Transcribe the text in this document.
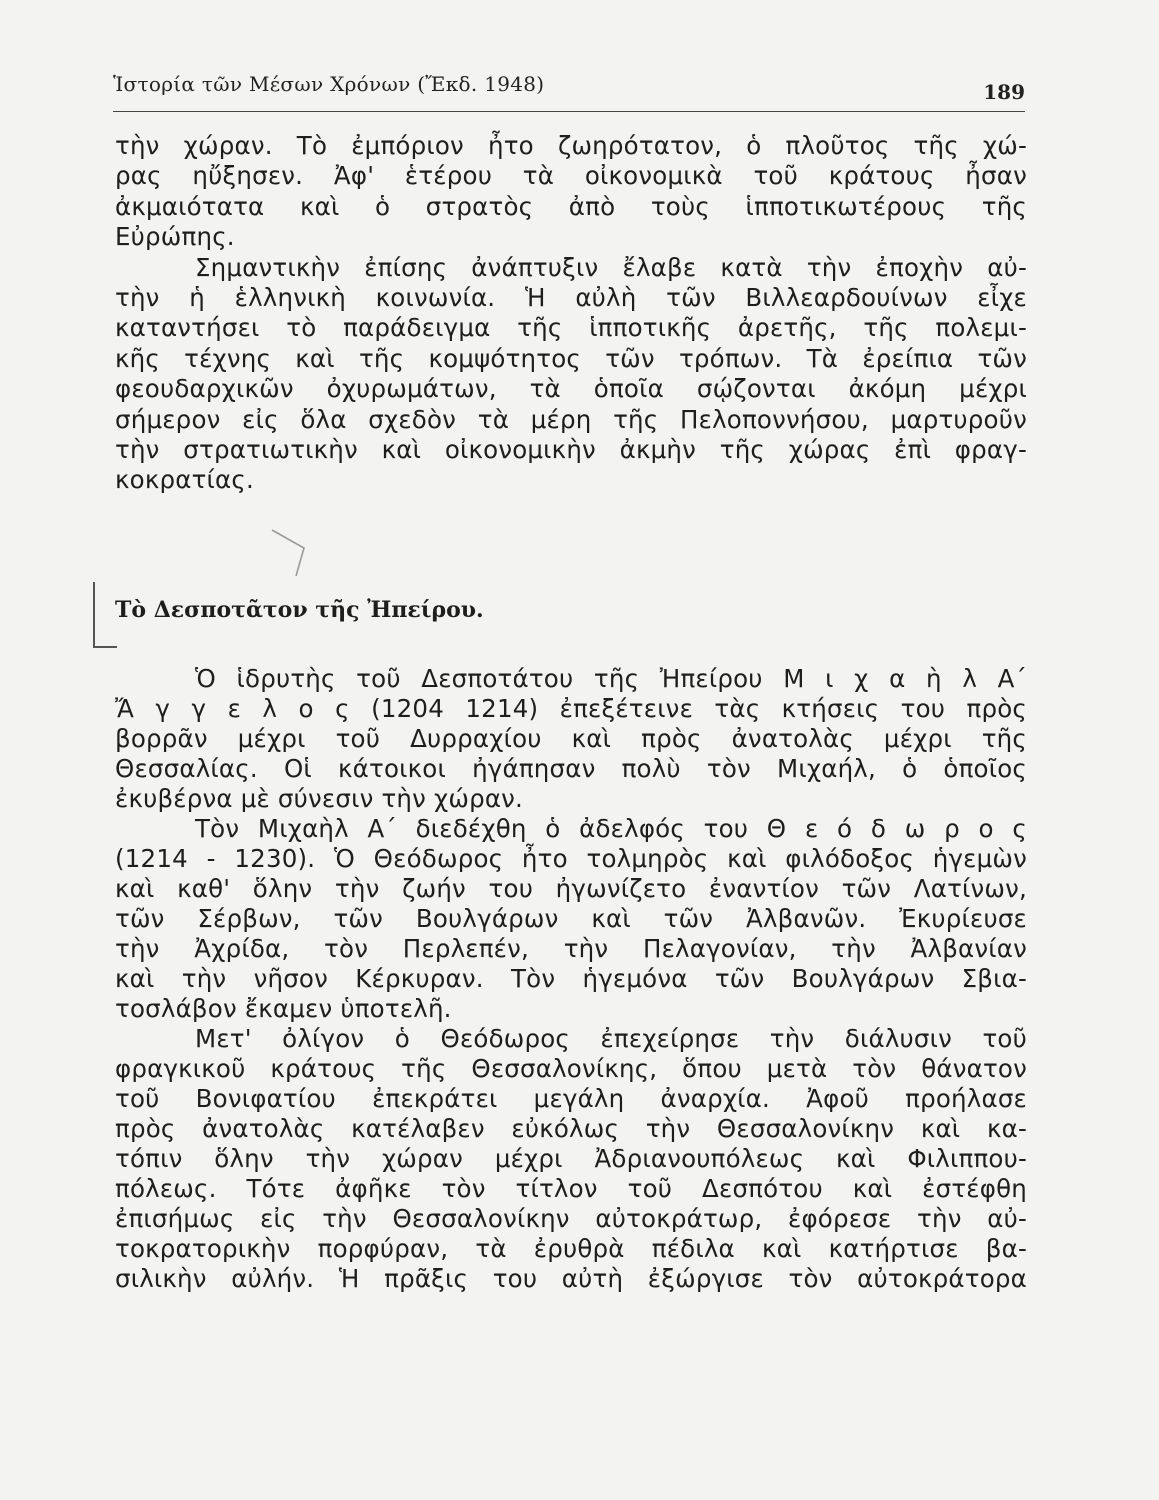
Ἱστορία τῶν Μέσων Χρόνων (Ἔκδ. 1948)	189
τὴν χώραν. Τὸ ἐμπόριον ἦτο ζωηρότατον, ὁ πλοῦτος τῆς χώ-
ρας ηὔξησεν. Ἀφ' ἑτέρου τὰ οἰκονομικὰ τοῦ κράτους ἦσαν
ἀκμαιότατα καὶ ὁ στρατὸς ἀπὸ τοὺς ἱπποτικωτέρους τῆς
Εὐρώπης.
Σημαντικὴν ἐπίσης ἀνάπτυξιν ἔλαβε κατὰ τὴν ἐποχὴν αὐ-
τὴν ἡ ἑλληνικὴ κοινωνία. Ἡ αὐλὴ τῶν Βιλλεαρδουίνων εἶχε
καταντήσει τὸ παράδειγμα τῆς ἱπποτικῆς ἀρετῆς, τῆς πολεμι-
κῆς τέχνης καὶ τῆς κομψότητος τῶν τρόπων. Τὰ ἐρείπια τῶν
φεουδαρχικῶν ὀχυρωμάτων, τὰ ὁποῖα σῴζονται ἀκόμη μέχρι
σήμερον εἰς ὅλα σχεδὸν τὰ μέρη τῆς Πελοποννήσου, μαρτυροῦν
τὴν στρατιωτικὴν καὶ οἰκονομικὴν ἀκμὴν τῆς χώρας ἐπὶ φραγ-
κοκρατίας.
Τὸ Δεσποτᾶτον τῆς Ἠπείρου.
Ὁ ἱδρυτὴς τοῦ Δεσποτάτου τῆς Ἠπείρου Μ ι χ α ὴ λ Α΄
Ἄ γ γ ε λ ο ς (1204 1214) ἐπεξέτεινε τὰς κτήσεις του πρὸς
βορρᾶν μέχρι τοῦ Δυρραχίου καὶ πρὸς ἀνατολὰς μέχρι τῆς
Θεσσαλίας. Οἱ κάτοικοι ἠγάπησαν πολὺ τὸν Μιχαήλ, ὁ ὁποῖος
ἐκυβέρνα μὲ σύνεσιν τὴν χώραν.
Τὸν Μιχαὴλ Α΄ διεδέχθη ὁ ἀδελφός του Θ ε ό δ ω ρ ο ς
(1214 - 1230). Ὁ Θεόδωρος ἦτο τολμηρὸς καὶ φιλόδοξος ἡγεμὼν
καὶ καθ' ὅλην τὴν ζωήν του ἠγωνίζετο ἐναντίον τῶν Λατίνων,
τῶν Σέρβων, τῶν Βουλγάρων καὶ τῶν Ἀλβανῶν. Ἐκυρίευσε
τὴν Ἀχρίδα, τὸν Περλεπέν, τὴν Πελαγονίαν, τὴν Ἀλβανίαν
καὶ τὴν νῆσον Κέρκυραν. Τὸν ἡγεμόνα τῶν Βουλγάρων Σβια-
τοσλάβον ἔκαμεν ὑποτελῆ.
Μετ' ὀλίγον ὁ Θεόδωρος ἐπεχείρησε τὴν διάλυσιν τοῦ
φραγκικοῦ κράτους τῆς Θεσσαλονίκης, ὅπου μετὰ τὸν θάνατον
τοῦ Βονιφατίου ἐπεκράτει μεγάλη ἀναρχία. Ἀφοῦ προήλασε
πρὸς ἀνατολὰς κατέλαβεν εὐκόλως τὴν Θεσσαλονίκην καὶ κα-
τόπιν ὅλην τὴν χώραν μέχρι Ἀδριανουπόλεως καὶ Φιλιππου-
πόλεως. Τότε ἀφῆκε τὸν τίτλον τοῦ Δεσπότου καὶ ἐστέφθη
ἐπισήμως εἰς τὴν Θεσσαλονίκην αὐτοκράτωρ, ἐφόρεσε τὴν αὐ-
τοκρατορικὴν πορφύραν, τὰ ἐρυθρὰ πέδιλα καὶ κατήρτισε βα-
σιλικὴν αὐλήν. Ἡ πρᾶξις του αὐτὴ ἐξώργισε τὸν αὐτοκράτορα
